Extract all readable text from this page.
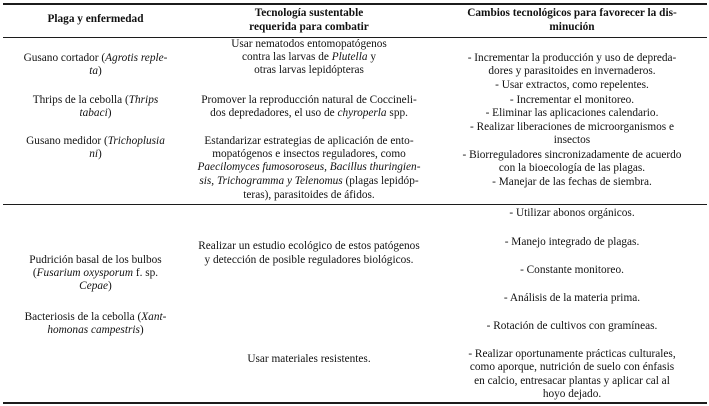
Plaga y enfermedad	Tecnología sustentable
requerida para combatir
Cambios tecnológicos para favorecer la dis-
minución
Gusano cortador (Agrotis reple-
ta)
Thrips de la cebolla (Thrips
tabaci)
Gusano medidor (Trichoplusia
ni)
Usar nematodos entomopatógenos
contra las larvas de Plutella y
otras larvas lepidópteras
Promover la reproducción natural de Coccineli-
dos depredadores, el uso de chyroperla spp.
Estandarizar estrategias de aplicación de ento-
mopatógenos e insectos reguladores, como
Paecilomyces fumosoroseus, Bacillus thuringien-
sis, Trichogramma y Telenomus (plagas lepidóp-
teras), parasitoides de áfidos.
- Incrementar la producción y uso de depreda-
dores y parasitoides en invernaderos.
- Usar extractos, como repelentes.
- Incrementar el monitoreo.
- Eliminar las aplicaciones calendario.
- Realizar liberaciones de microorganismos e
insectos
- Biorreguladores sincronizadamente de acuerdo
con la bioecología de las plagas.
- Manejar de las fechas de siembra.
Pudrición basal de los bulbos
(Fusarium oxysporum f. sp.
Cepae)
Bacteriosis de la cebolla (Xant-
homonas campestris)
Realizar un estudio ecológico de estos patógenos
y detección de posible reguladores biológicos.
Usar materiales resistentes.
- Utilizar abonos orgánicos.
- Manejo integrado de plagas.
- Constante monitoreo.
- Análisis de la materia prima.
- Rotación de cultivos con gramíneas.
- Realizar oportunamente prácticas culturales,
como aporque, nutrición de suelo con énfasis
en calcio, entresacar plantas y aplicar cal al
hoyo dejado.
